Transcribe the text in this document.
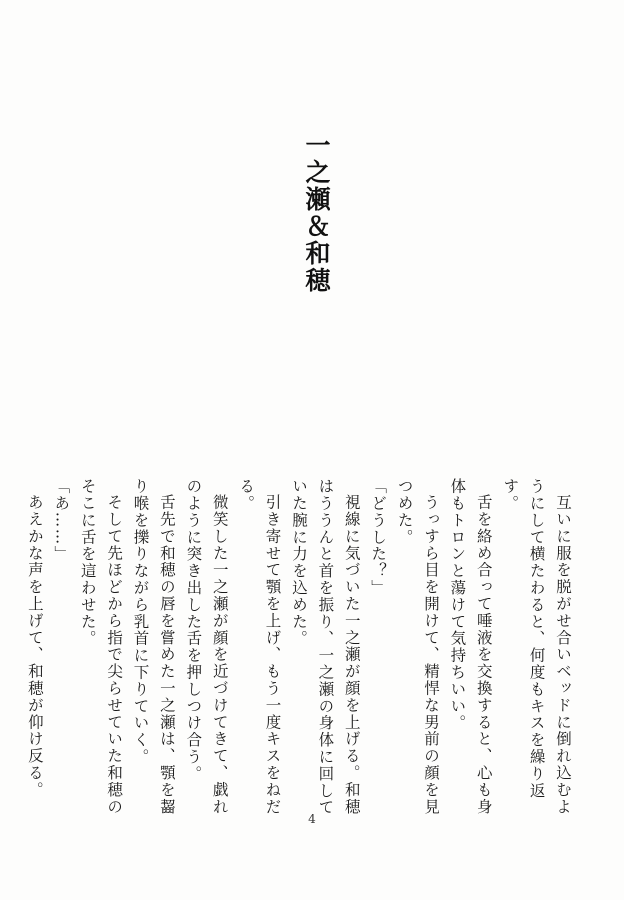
一之瀬＆和穂

互いに服を脱がせ合いベッドに倒れ込むようにして横たわると、何度もキスを繰り返す。

舌を絡め合って唾液を交換すると、心も身体もトロンと蕩けて気持ちいい。

うっすら目を開けて、精悍な男前の顔を見つめた。

「どうした？」

視線に気づいた一之瀬が顔を上げる。和穂はううんと首を振り、一之瀬の身体に回していた腕に力を込めた。

引き寄せて顎を上げ、もう一度キスをねだる。

微笑した一之瀬が顔を近づけてきて、戯れのように突き出した舌を押しつけ合う。

舌先で和穂の唇を嘗めた一之瀬は、顎を齧り喉を擽りながら乳首に下りていく。

そして先ほどから指で尖らせていた和穂のそこに舌を這わせた。

「あ……」

あえかな声を上げて、和穂が仰け反る。

4
